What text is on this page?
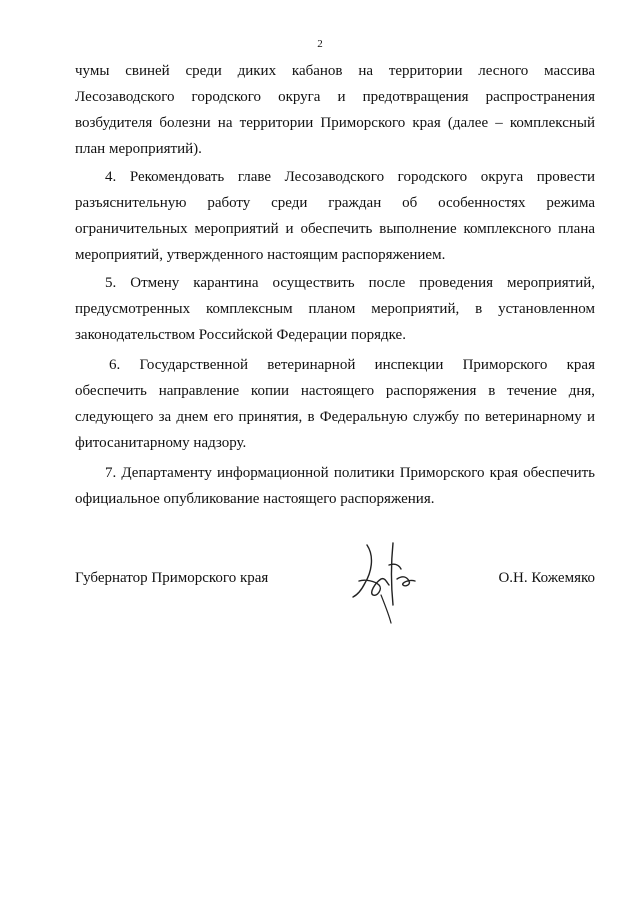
2
чумы свиней среди диких кабанов на территории лесного массива
Лесозаводского городского округа и предотвращения распространения
возбудителя болезни на территории Приморского края (далее – комплексный
план мероприятий).
4. Рекомендовать главе Лесозаводского городского округа провести
разъяснительную работу среди граждан об особенностях режима
ограничительных мероприятий и обеспечить выполнение комплексного плана
мероприятий, утвержденного настоящим распоряжением.
5. Отмену карантина осуществить после проведения мероприятий,
предусмотренных комплексным планом мероприятий, в установленном
законодательством Российской Федерации порядке.
6. Государственной ветеринарной инспекции Приморского края
обеспечить направление копии настоящего распоряжения в течение дня,
следующего за днем его принятия, в Федеральную службу по ветеринарному и
фитосанитарному надзору.
7. Департаменту информационной политики Приморского края обеспечить
официальное опубликование настоящего распоряжения.
Губернатор Приморского края	О.Н. Кожемяко
